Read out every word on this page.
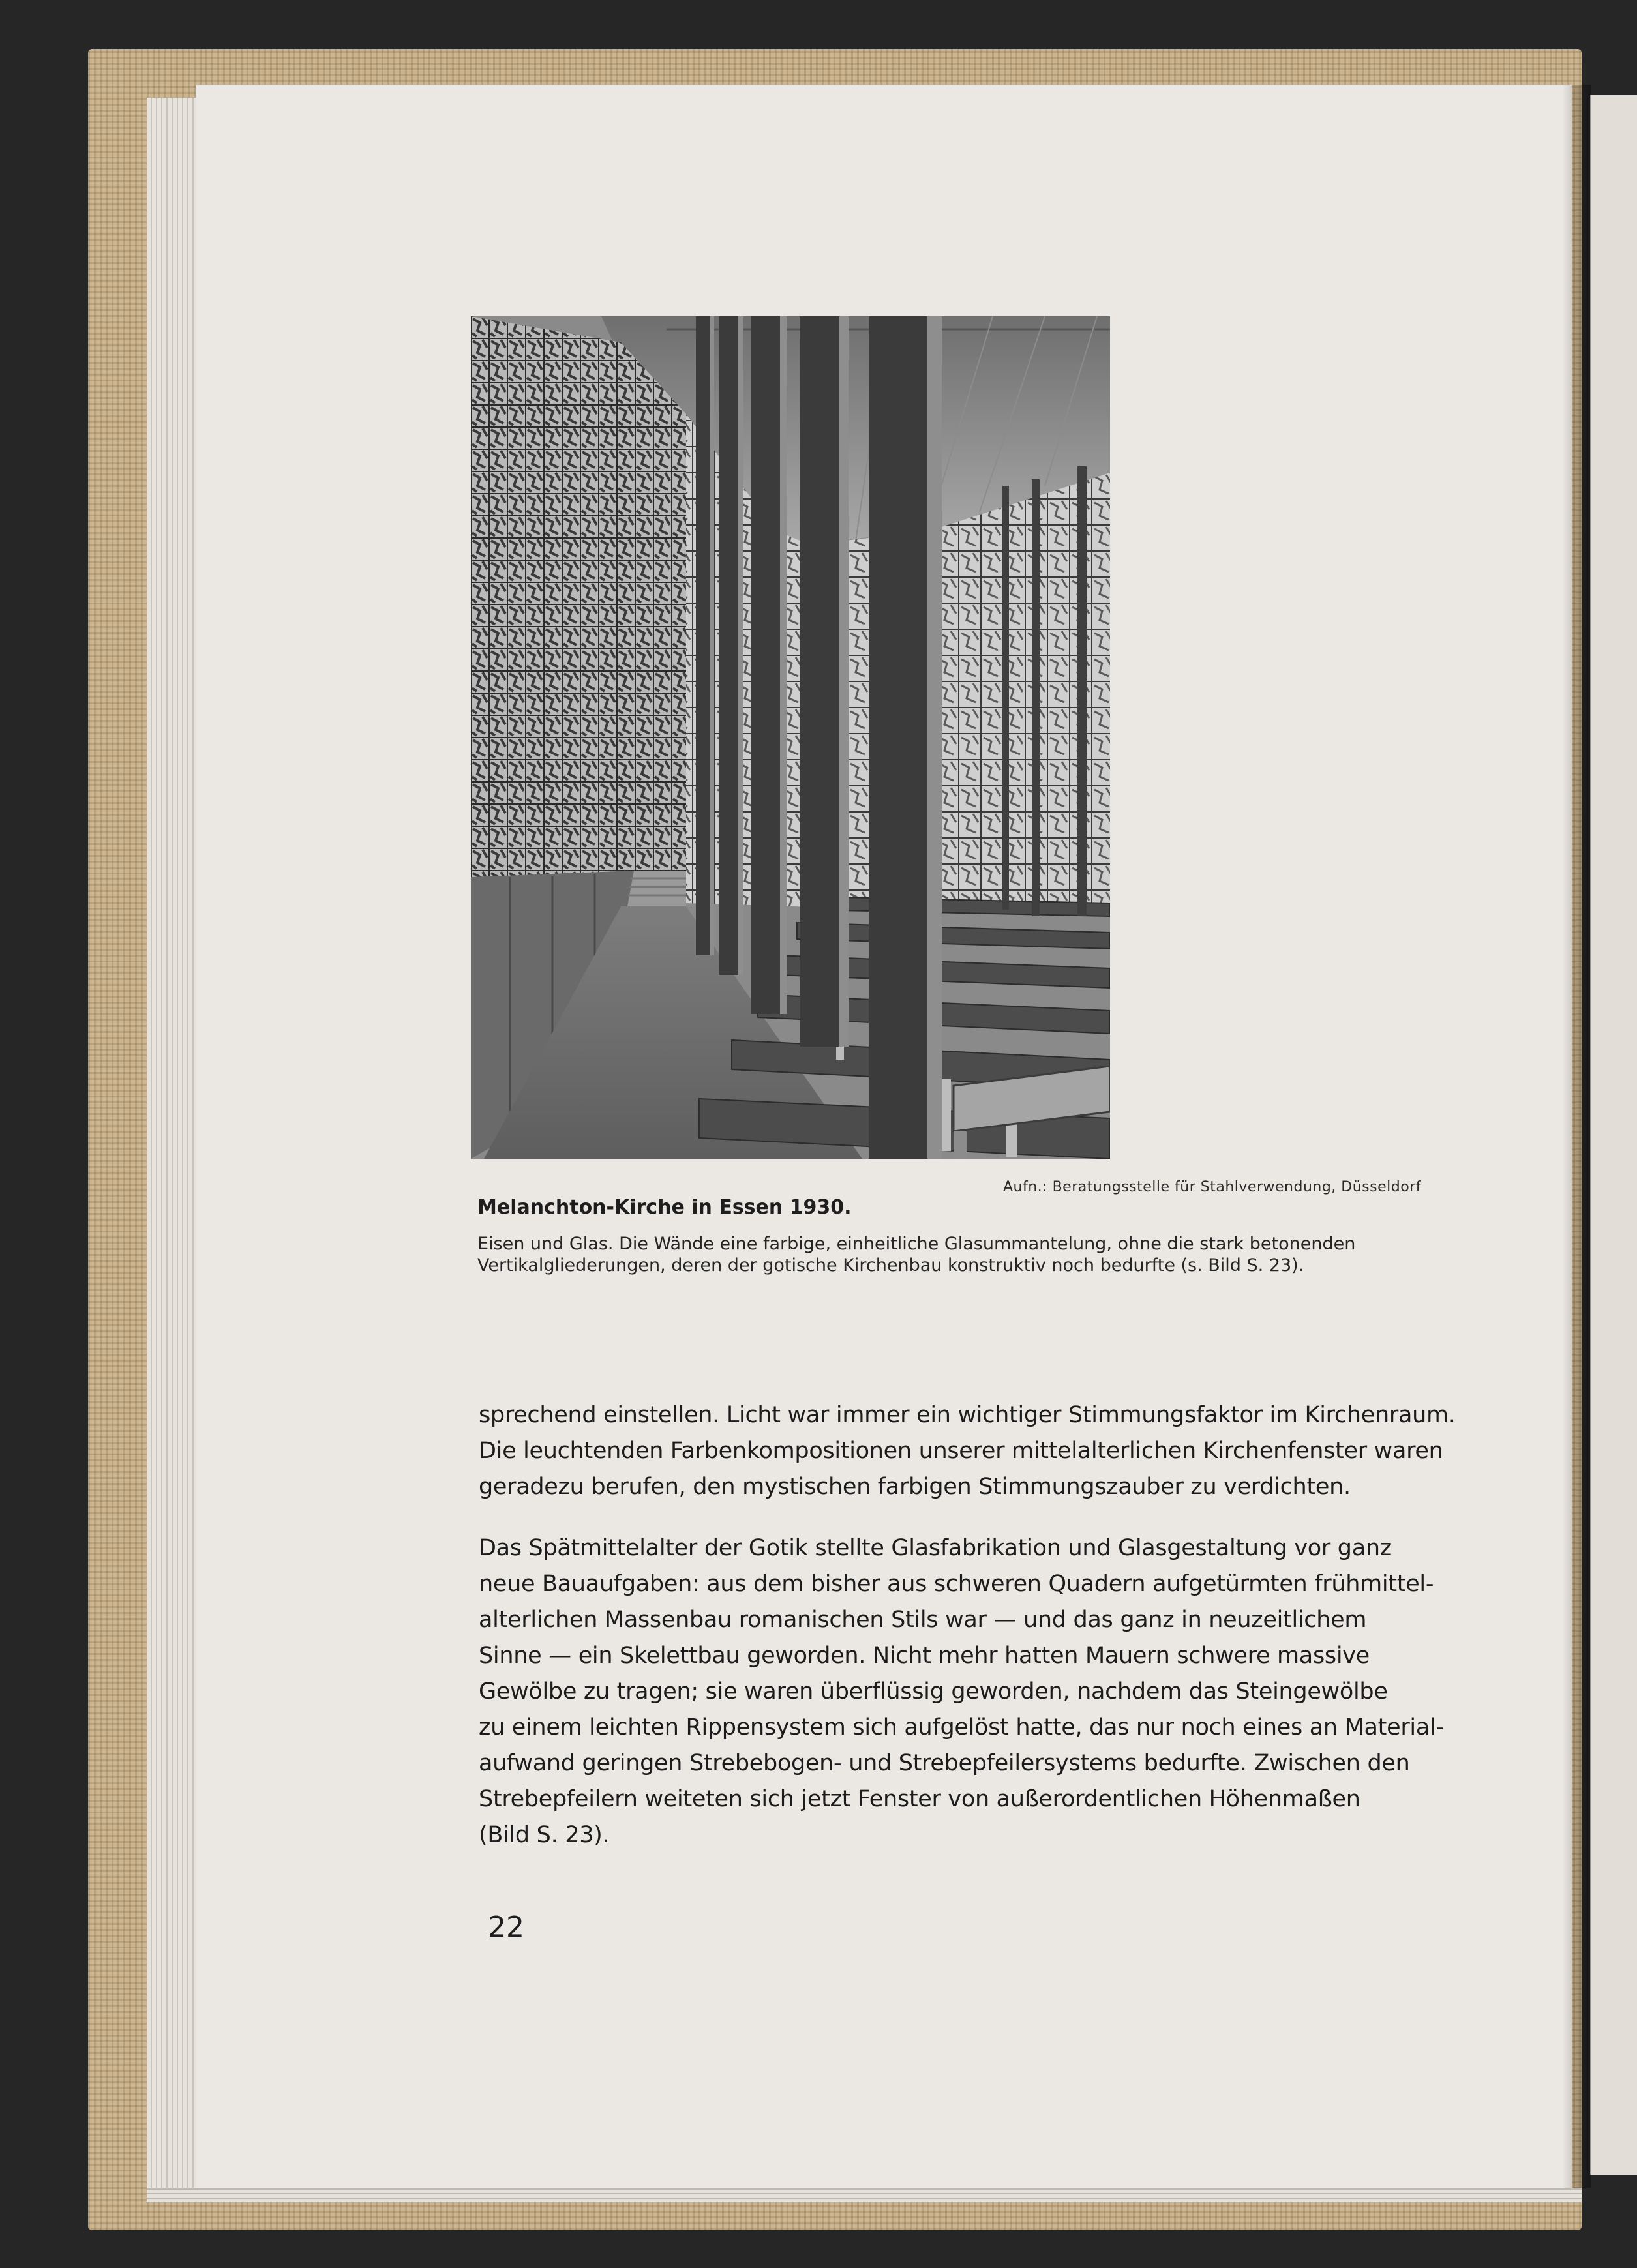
Aufn.: Beratungsstelle für Stahlverwendung, Düsseldorf
Melanchton-Kirche in Essen 1930.
Eisen und Glas. Die Wände eine farbige, einheitliche Glasummantelung, ohne die stark betonenden
Vertikalgliederungen, deren der gotische Kirchenbau konstruktiv noch bedurfte (s. Bild S. 23).
sprechend einstellen. Licht war immer ein wichtiger Stimmungsfaktor im Kirchenraum.
Die leuchtenden Farbenkompositionen unserer mittelalterlichen Kirchenfenster waren
geradezu berufen, den mystischen farbigen Stimmungszauber zu verdichten.
Das Spätmittelalter der Gotik stellte Glasfabrikation und Glasgestaltung vor ganz
neue Bauaufgaben: aus dem bisher aus schweren Quadern aufgetürmten frühmittel-
alterlichen Massenbau romanischen Stils war — und das ganz in neuzeitlichem
Sinne — ein Skelettbau geworden. Nicht mehr hatten Mauern schwere massive
Gewölbe zu tragen; sie waren überflüssig geworden, nachdem das Steingewölbe
zu einem leichten Rippensystem sich aufgelöst hatte, das nur noch eines an Material-
aufwand geringen Strebebogen- und Strebepfeilersystems bedurfte. Zwischen den
Strebepfeilern weiteten sich jetzt Fenster von außerordentlichen Höhenmaßen
(Bild S. 23).
22
